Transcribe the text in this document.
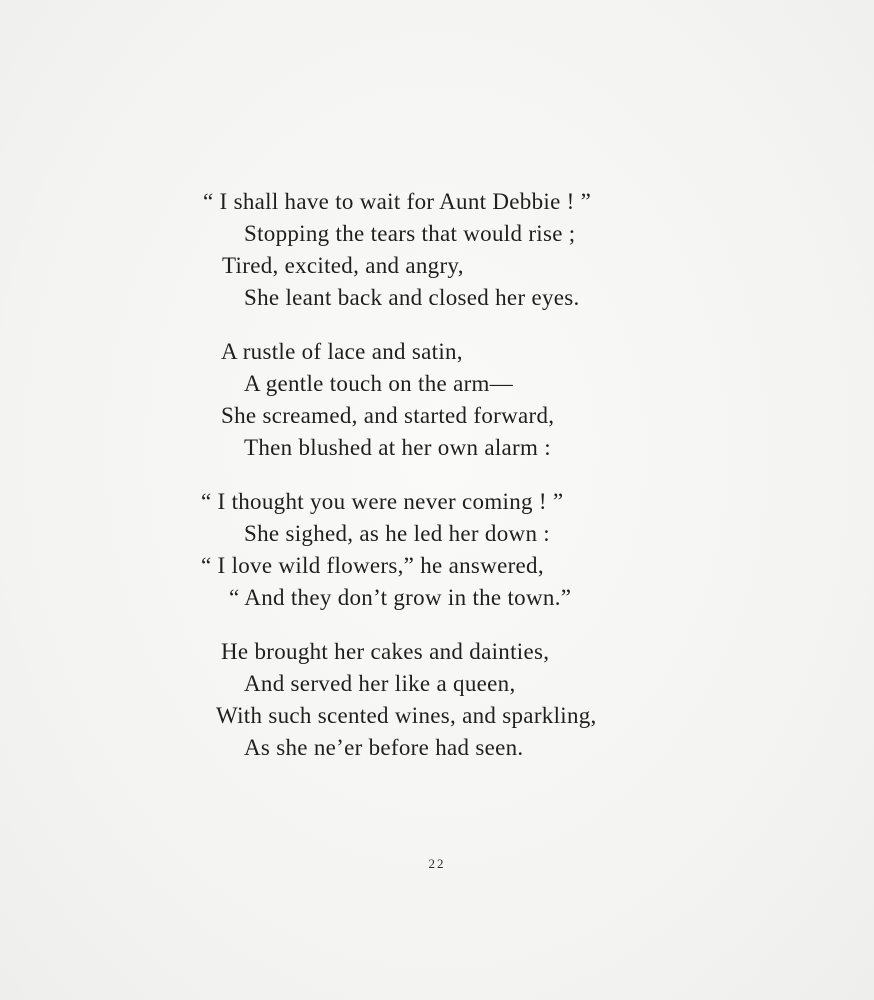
“ I shall have to wait for Aunt Debbie ! ”
Stopping the tears that would rise ;
Tired, excited, and angry,
She leant back and closed her eyes.
A rustle of lace and satin,
A gentle touch on the arm—
She screamed, and started forward,
Then blushed at her own alarm :
“ I thought you were never coming ! ”
She sighed, as he led her down :
“ I love wild flowers,” he answered,
“ And they don’t grow in the town.”
He brought her cakes and dainties,
And served her like a queen,
With such scented wines, and sparkling,
As she ne’er before had seen.
22
